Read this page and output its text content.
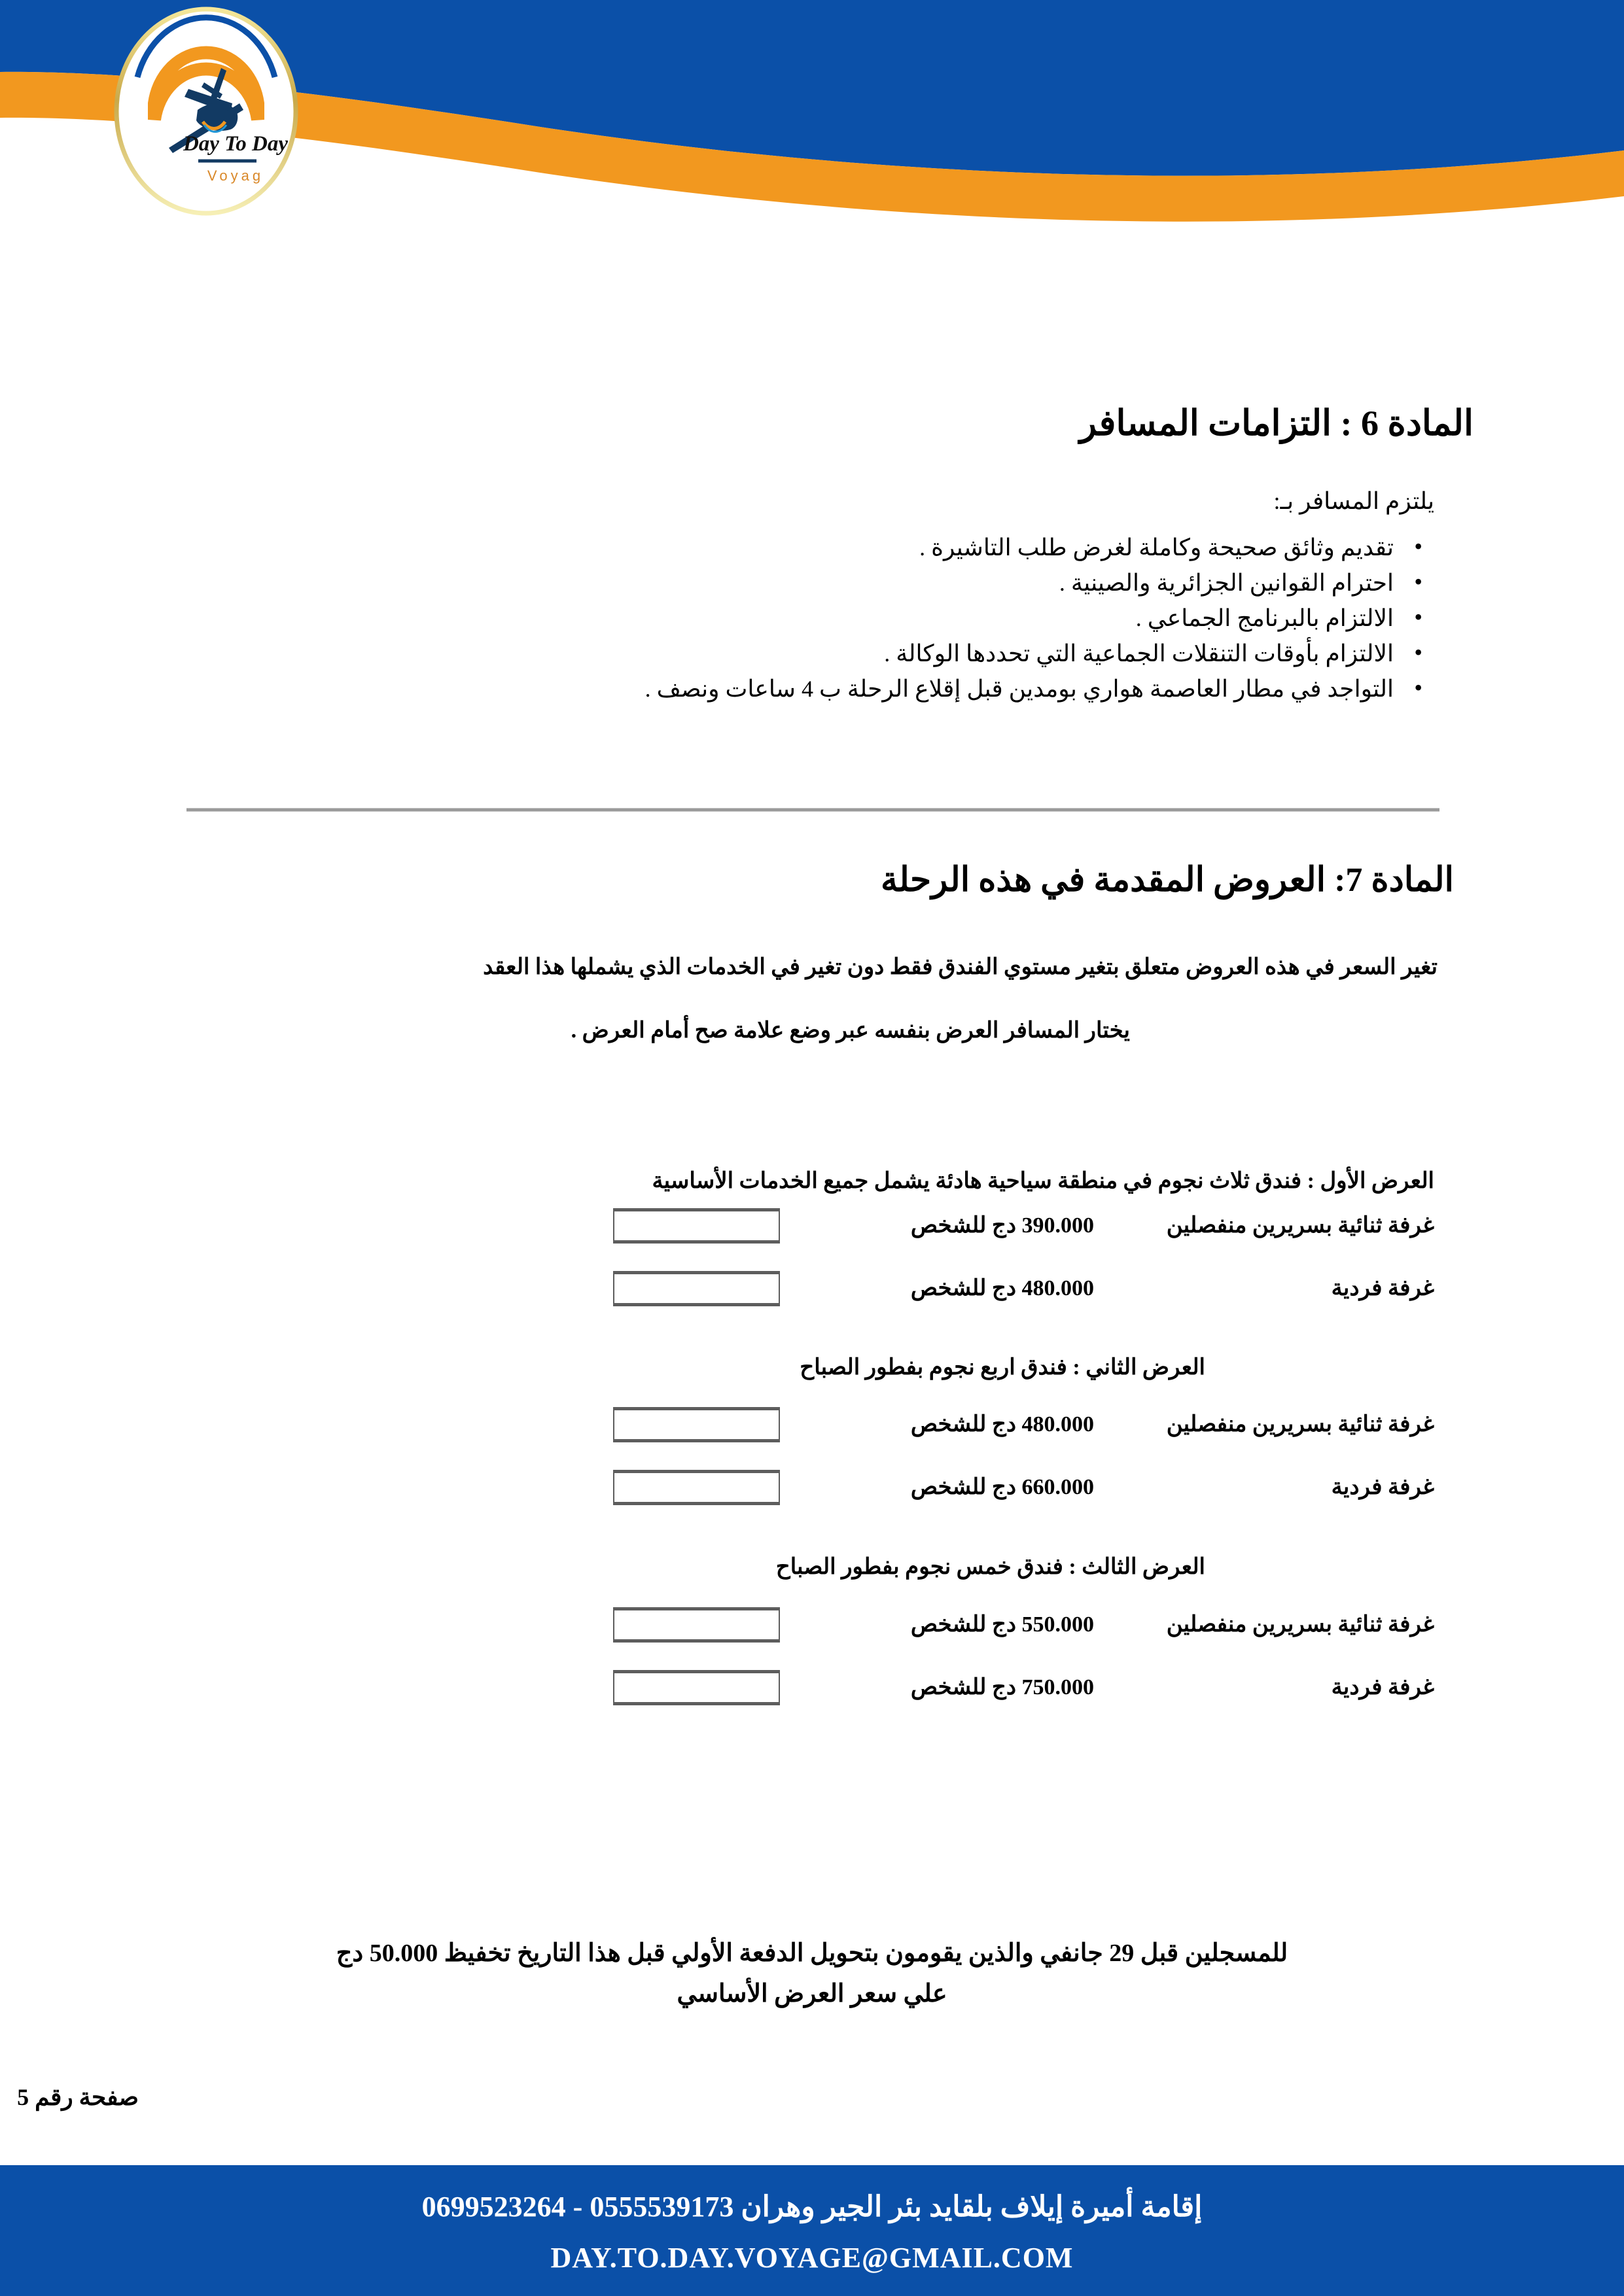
Day To Day
Voyag
المادة 6 : التزامات المسافر
يلتزم المسافر بـ:
• تقديم وثائق صحيحة وكاملة لغرض طلب التاشيرة .
• احترام القوانين الجزائرية والصينية .
• الالتزام بالبرنامج الجماعي .
• الالتزام بأوقات التنقلات الجماعية التي تحددها الوكالة .
• التواجد في مطار العاصمة هواري بومدين قبل إقلاع الرحلة ب 4 ساعات ونصف .
المادة 7: العروض المقدمة في هذه الرحلة
تغير السعر في هذه العروض متعلق بتغير مستوي الفندق فقط دون تغير في الخدمات الذي يشملها هذا العقد
يختار المسافر العرض بنفسه عبر وضع علامة صح أمام العرض .
العرض الأول : فندق ثلاث نجوم في منطقة سياحية هادئة يشمل جميع الخدمات الأساسية
غرفة ثنائية بسريرين منفصلين
390.000 دج للشخص
غرفة فردية
480.000 دج للشخص
العرض الثاني : فندق اربع نجوم بفطور الصباح
غرفة ثنائية بسريرين منفصلين
480.000 دج للشخص
غرفة فردية
660.000 دج للشخص
العرض الثالث : فندق خمس نجوم بفطور الصباح
غرفة ثنائية بسريرين منفصلين
550.000 دج للشخص
غرفة فردية
750.000 دج للشخص
للمسجلين قبل 29 جانفي والذين يقومون بتحويل الدفعة الأولي قبل هذا التاريخ تخفيظ 50.000 دج
علي سعر العرض الأساسي
صفحة رقم 5
إقامة أميرة إيلاف بلقايد بئر الجير وهران 0555539173 - 0699523264
DAY.TO.DAY.VOYAGE@GMAIL.COM
